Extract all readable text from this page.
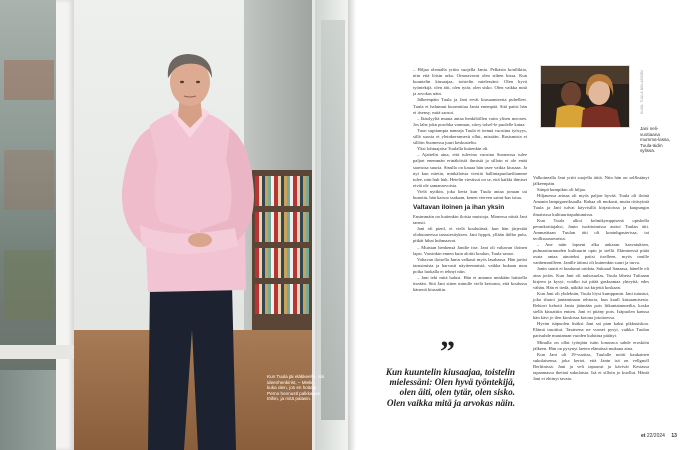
Kun Tuula jäi eläkkeelle, näi ideenhenkirist, – Mielin, kuka olen, jos en hoitaja. Perno hennustl palkkaaan töihin, ja mitä palasin.

– Hiljaa olemalla yritin suojella Jania. Pelkäsin konfliktia, niin että löisin arka. Ornaravavat olen siihen kissa. Kun kuuntelin kiusaajaa, toistelin mielessäni: Olen hyvä työntekijä, olen äiti, olen tytär, olen sisko. Olen vaikka mitä ja arvokas näin.

Jälkeenpäin Tuula ja Jani ervät kiusaamisesta puhelleet. Tuula ei halunnut kuormittaa Jania enempää. Sitä paitsi hän ei itsensy, mitä saosoi.

– Ikäolyyliä muuta antaa henkilöillen vaiin ylisen meosen. Jos lahe jokn porohka vaneaan, siirry tolsel-le puolelle katua.

Tuon supitampia naneaja Tuula ei tiennä vuosiina työsyys, sillä suosia ei yleinkerramesti ollut, missään. Rasismista ei sillöin Suomessa juuri keskusteltu.

Yksi lohtuajaise Tuulalla kuitenkin oli.

– Ajattelin aina, että tulevina vuosina Suomessa tulee paljon enemmän erinäköisiä ihmisiä ja silloin ei ole enää saavutsa suuria. Sinulla on kauaa hän usee vaikia kiusaaa. Ja nyt kun mietin, minkälaisia viestiä hallintapuolueiltamme tulee, niin huh huh. Hetelin viestissä on se, että kaikki ihmiset eivät ole samanarvoisia.

Vielä nyttkin, joka kerta kun Tuula antaa jonuan tai hunotin, hän katsoo taakaan, kenen viereen sattui-kas istua.

Valtavan iloinen ja ihan yksin

Ensimmäin on kuitenkin iloisia muistoja. Monessa niistä Jani tanssii.

Jani oli pienl, ei vielä kouluiässä, kun hän järjestää olohuoneessa tanssiesityksen. Jani hyppii, yllään ihilbo pulu, pitkät hihat huhmaavat.

– Muistan henkensä Janilie itse. Jani oli valtavan iloinen lapsi. Varsinkin ennen kuin aloitti koulun, Tuula sanoo.

Valtavan iloisella Janin valkasti myös lasabassa. Hän jaritsi tanssimista ja harvasti näytteenmistä, vaikka kukaan muu poika luokalla ei tehnyt niin.

– Jani teki mitä halusi. Hän ei antanut minkään latistella itseään. Sitä Jani sitten minulle vielä kertonut, että koulussa hänestä kiusattiin.

KUVA: TUULA NIKLASSON
Jani neli-vuotiaana mumma-lassa, Tuula-äidin sylissä.

Valkoinealla Jani yritti suojella äitiä. Niin hän on sel&stänyt jälkeenpäin.

Siinpä kumpikin oli hiljaa.

Hiljanessa arinaa oli myös paljon hyvää. Tuula oli iloinä Amanin lampigaeriksaalla. Rahaa oli mukasti, mutta riitisyintä Tuula ja Jani tulvat käyvisillä kirjastoissa ja kaupungin ilmaisissa kulttuuritapahtumissa.

Kun Tuula alkoi kolmikymppisenä opiskella perunkoittajaksi, Janin isoäitoimissa auttoi Tuulan äiti. Ammattiaan Tuulan äiti oli koninhgasterissa, tai teollisuusseurista.

– Ane näin lapseni alka ankaran kasvatuksen, pulmasiturnuuden kulttuurin opin jo siellä. Eläminessä pitää osata antaa ainoteksi paitsi itselleen, myös omille vanhemmilleen. Janille äitinsi oli kuinenkin suuri ja turva.

Janin suutti ei kuulunut ratdata. Sukuaal Sanaasa, hänelle oli aina jotfas. Kun Jani oli nuhosuolas, Tuula läheisi Tuliaaan kirjeen ja kysyi, voidko isä pitää gasksamaa yhteyttä, edes vähän. Hän ei tiedä, näkikö isä kirjettä koskaan.

Kun Jani oli yhdeksän, Tuula löysi kumppanin. Jani tutustui, joka sharoi jantaminaan rehtoria, kun kaull kiusaamisesta. Rehtori kehotti Jania jäämään pois liikuntatunneilta, koska siellä kiusattiin eniten. Jani ei pitäny pois. Isäpuolen kanssa hän kävi jo ilen kioskissa kotona jotoitoessa.

Hyvän isäpuolen lisäksi Jani sai pian kaksi pikkusiskoa. Elämä tasoittui. Tasaisena ne vuoset pysyi, vaikka Tuulan parisuhde muutaman vuoden kuluttua päättyi.

Minulla on ollut työnjäin isäin lononaca sahde erosköin jälkeen. Hän on pysynyt laeten elämässä mukana aina.

Kun Jani oli 19-vuotias, Tuulalle noitti kaukainen sukulaisensa, joka kertoi, että Janin isä on vellgnoll Berliinissä. Jani ja veli tapaavat ja kävivät Kestassa tapaamassa tbetiaä sukulaisia. Isä ei silloin jo kuollut. Häntä Jani ei ehtinyt tavata.

”
Kun kuuntelin kiusaajaa, toistelin mielessäni: Olen hyvä työntekijä, olen äiti, olen tytär, olen sisko. Olen vaikka mitä ja arvokas näin.
et 22/2024 13
